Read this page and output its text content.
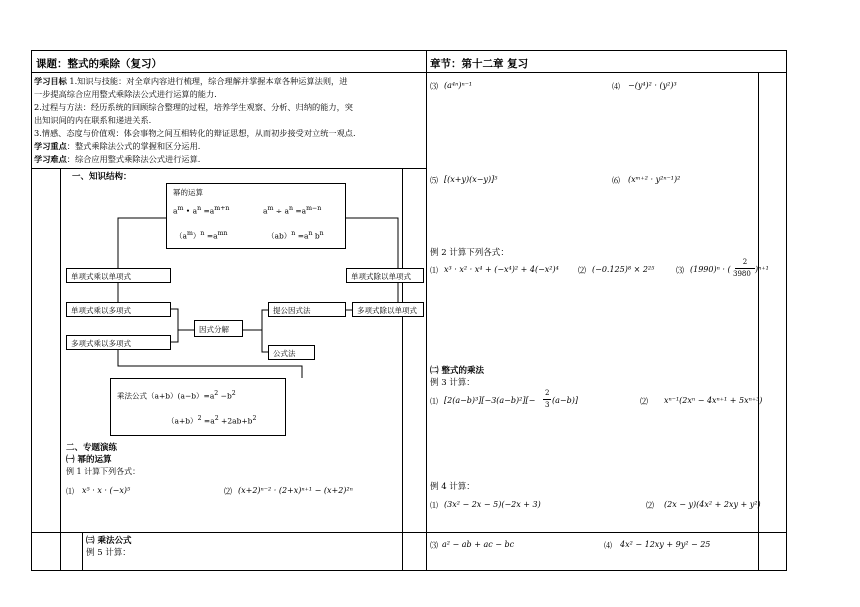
课题：整式的乘除（复习）	章节：第十二章 复习
学习目标 1.知识与技能：对全章内容进行梳理，综合理解并掌握本章各种运算法则，进
一步提高综合应用整式乘除法公式进行运算的能力.
2.过程与方法：经历系统的回顾综合整理的过程，培养学生观察、分析、归纳的能力，突
出知识间的内在联系和递进关系.
3.情感、态度与价值观：体会事物之间互相转化的辩证思想，从而初步接受对立统一观点.
学习重点：整式乘除法公式的掌握和区分运用.
学习难点：综合应用整式乘除法公式进行运算.
一、知识结构：
幂的运算
$a^m$ • $a^n =a^{m+n}$	$a^m \div a^n =a^{m-n}$
$(a^m)^n =a^{mn}$	$(ab)^n =a^n$ $b^n$
单项式乘以单项式	单项式除以单项式
单项式乘以多项式
多项式乘以多项式
因式分解
提公因式法	多项式除以单项式
公式法
乘法公式$(a+b)(a-b)=a^2 -b^2$
$(a+b)^2 =a^2 +2ab+b^2$
二、专题演练
㈠ 幂的运算
例 1 计算下列各式：
⑴ x⁵ · x · (−x)⁵	⑵ (x+2)ⁿ⁻² · (2+x)ⁿ⁺¹ − (x+2)²ⁿ
⑶ (a⁴ⁿ)ⁿ⁻¹	⑷ −(y⁴)² · (y²)³
⑸ [(x+y)(x−y)]⁵	⑹ (xᵐ⁺² · y²ⁿ⁻¹)²
例 2 计算下列各式：
⑴ x³ · x² · x⁴ + (−x⁴)² + 4(−x²)⁴ ⑵ (−0.125)⁸ × 2²⁵	⑶ (1990)ⁿ · (
2
3980 )ⁿ⁺¹
㈡ 整式的乘法
例 3 计算：
⑴ [2(a−b)³][−3(a−b)²][−
2
3 (a−b)]	⑵ xⁿ⁻¹(2xⁿ − 4xⁿ⁺¹ + 5xⁿ⁺³)
例 4 计算：
⑴ (3x² − 2x − 5)(−2x + 3)	⑵ (2x − y)(4x² + 2xy + y²)
㈢ 乘法公式
例 5 计算：
⑶ a² − ab + ac − bc	⑷ 4x² − 12xy + 9y² − 25
